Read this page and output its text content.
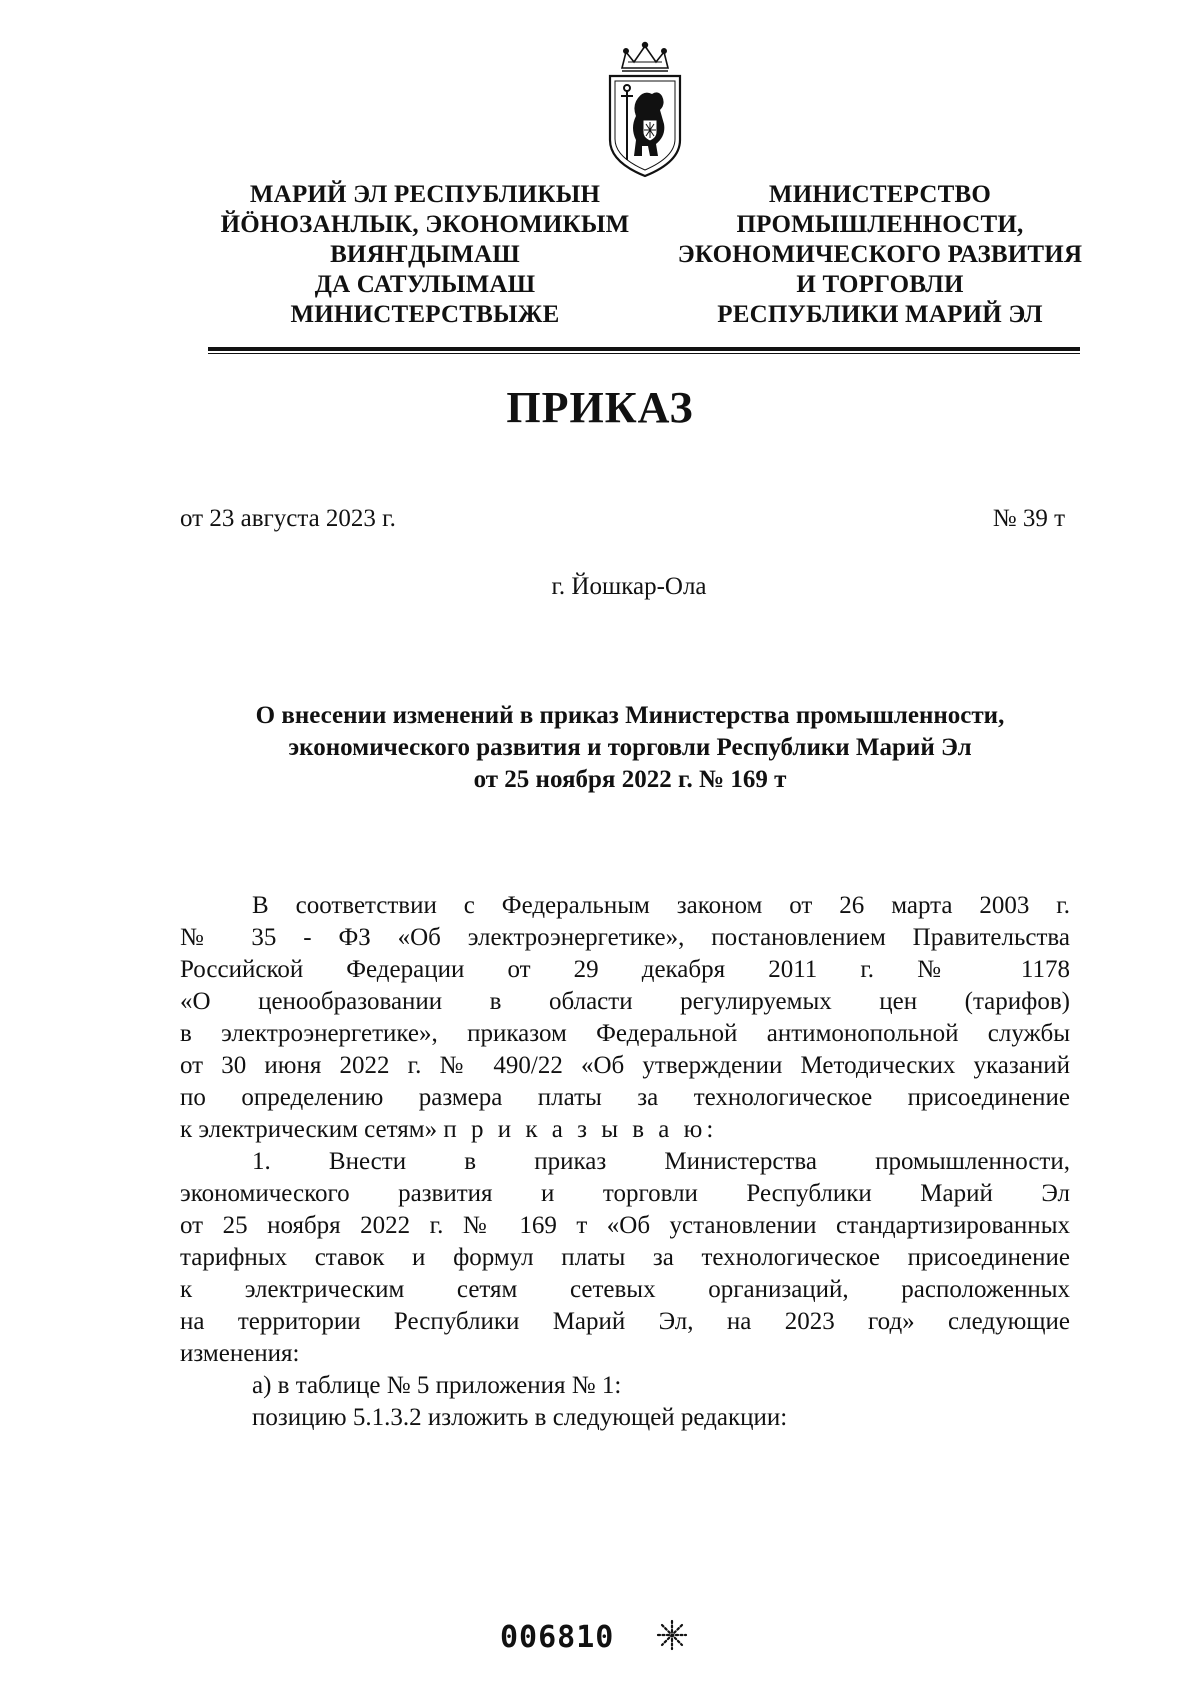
МАРИЙ ЭЛ РЕСПУБЛИКЫН
ЙӦНОЗАНЛЫК, ЭКОНОМИКЫМ
ВИЯҤДЫМАШ
ДА САТУЛЫМАШ
МИНИСТЕРСТВЫЖЕ
МИНИСТЕРСТВО
ПРОМЫШЛЕННОСТИ,
ЭКОНОМИЧЕСКОГО РАЗВИТИЯ
И ТОРГОВЛИ
РЕСПУБЛИКИ МАРИЙ ЭЛ
ПРИКАЗ
от 23 августа 2023 г.	№ 39 т
г. Йошкар-Ола
О внесении изменений в приказ Министерства промышленности,
экономического развития и торговли Республики Марий Эл
от 25 ноября 2022 г. № 169 т
В соответствии с Федеральным законом от 26 марта 2003 г.
№ 35 - ФЗ «Об электроэнергетике», постановлением Правительства
Российской Федерации от 29 декабря 2011 г. № 1178
«О ценообразовании в области регулируемых цен (тарифов)
в электроэнергетике», приказом Федеральной антимонопольной службы
от 30 июня 2022 г. № 490/22 «Об утверждении Методических указаний
по определению размера платы за технологическое присоединение
к электрическим сетям» п р и к а з ы в а ю:
1. Внести в приказ Министерства промышленности,
экономического развития и торговли Республики Марий Эл
от 25 ноября 2022 г. № 169 т «Об установлении стандартизированных
тарифных ставок и формул платы за технологическое присоединение
к электрическим сетям сетевых организаций, расположенных
на территории Республики Марий Эл, на 2023 год» следующие
изменения:
а) в таблице № 5 приложения № 1:
позицию 5.1.3.2 изложить в следующей редакции:
006810
